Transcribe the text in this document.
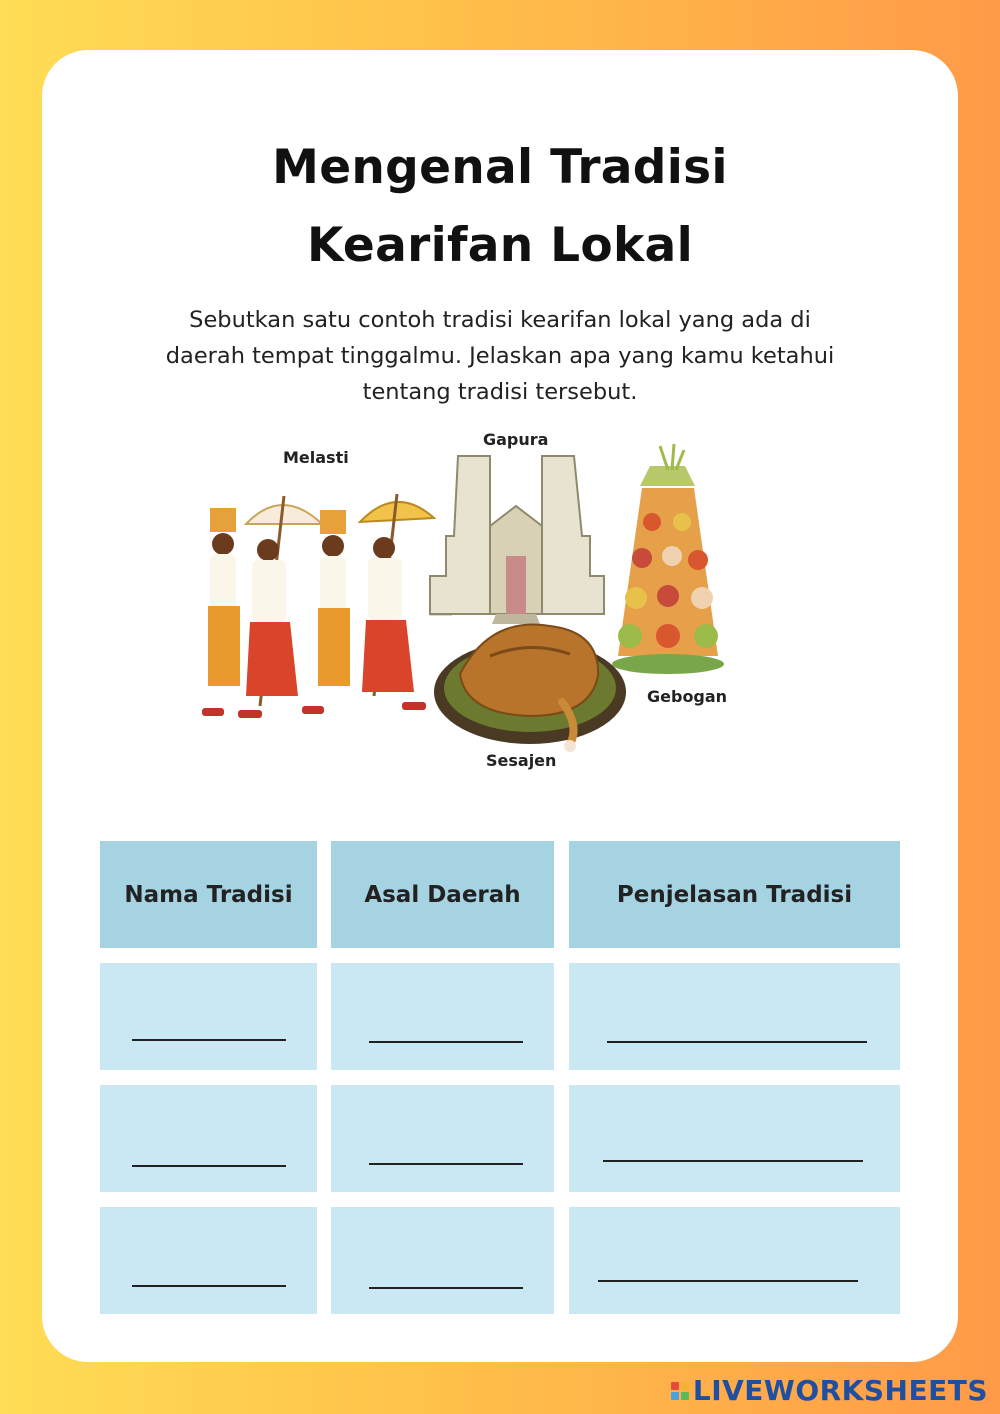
Mengenal Tradisi
Kearifan Lokal
Sebutkan satu contoh tradisi kearifan lokal yang ada di
daerah tempat tinggalmu. Jelaskan apa yang kamu ketahui
tentang tradisi tersebut.
Melasti
Gapura
Gebogan
Sesajen
Nama Tradisi	Asal Daerah	Penjelasan Tradisi
LIVEWORKSHEETS
